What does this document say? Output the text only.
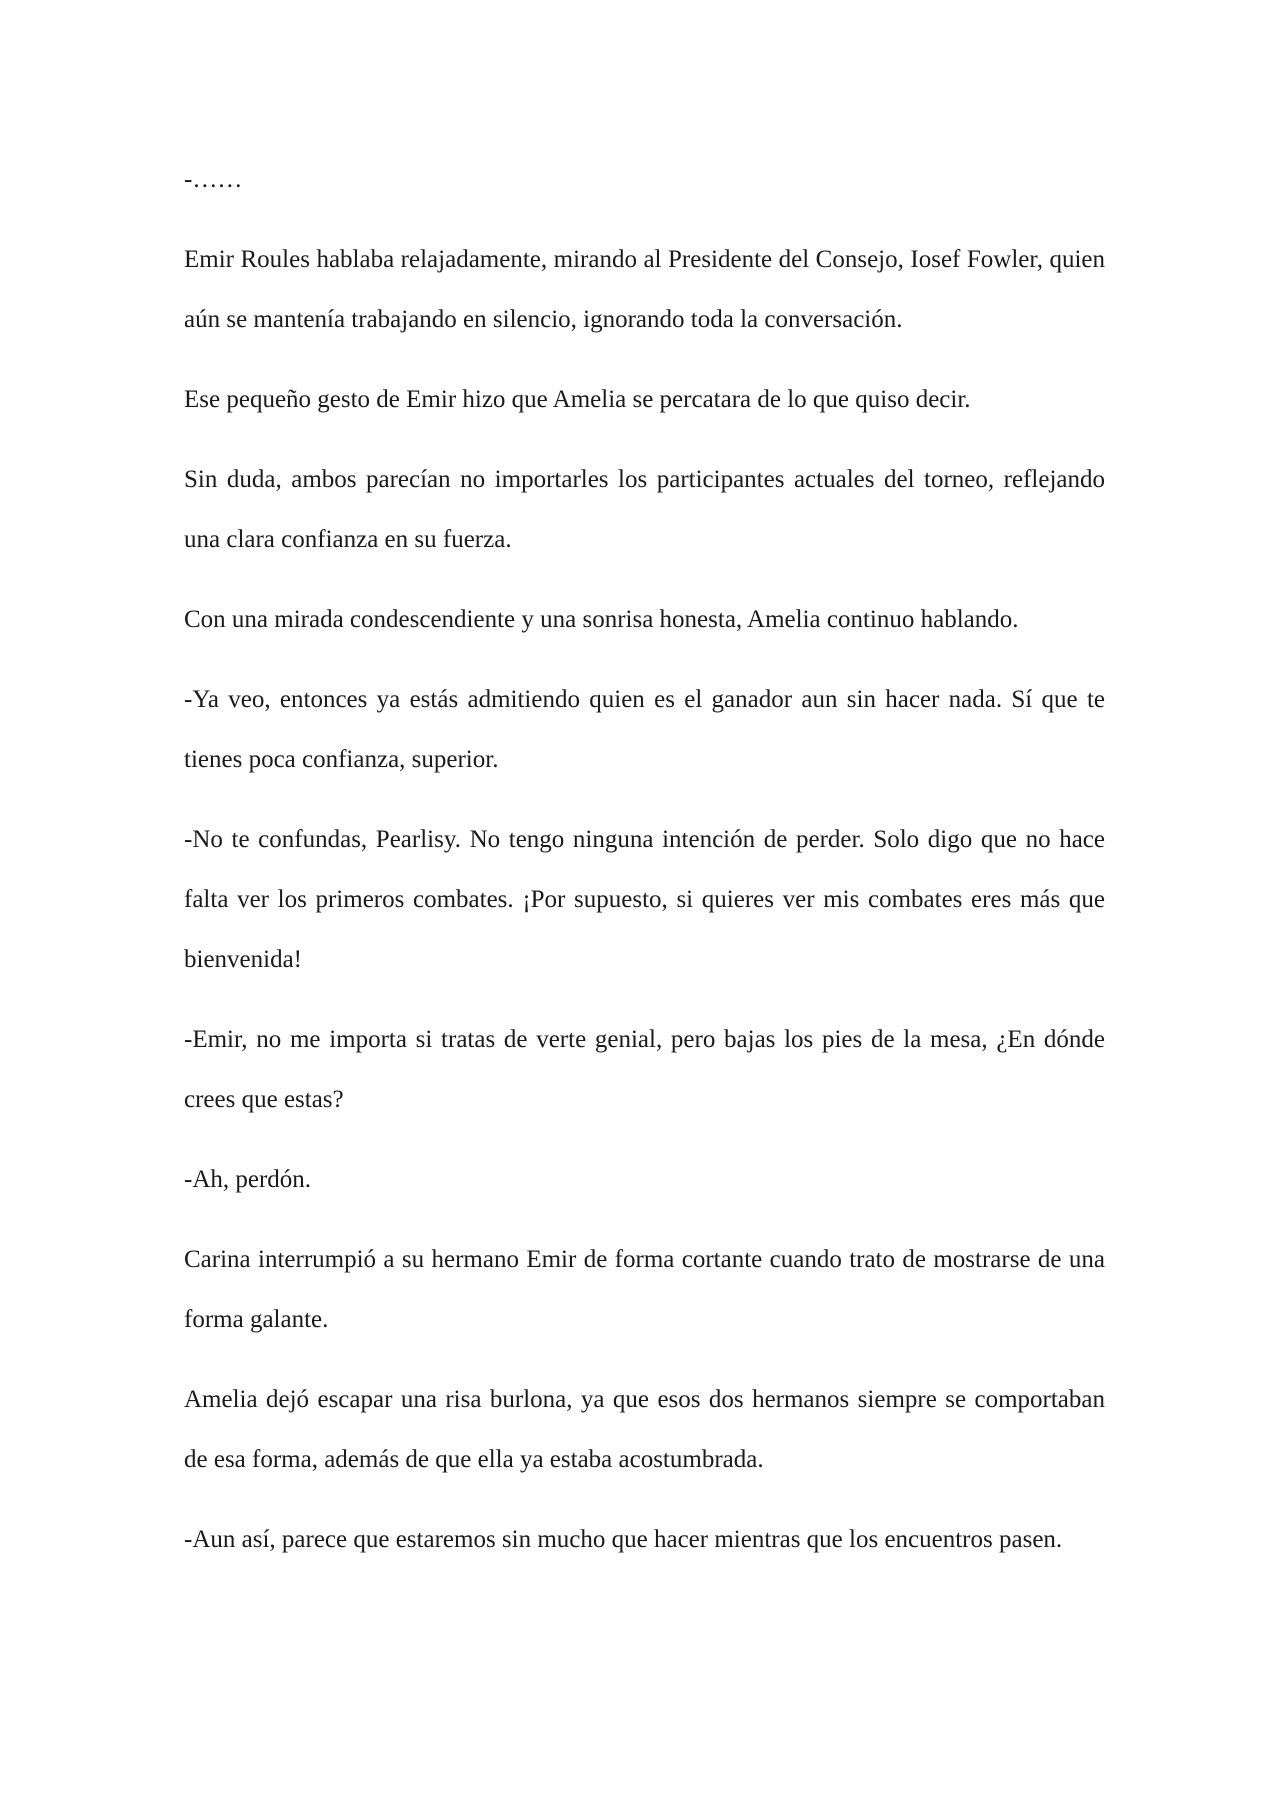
-……

Emir Roules hablaba relajadamente, mirando al Presidente del Consejo, Iosef Fowler, quien aún se mantenía trabajando en silencio, ignorando toda la conversación.

Ese pequeño gesto de Emir hizo que Amelia se percatara de lo que quiso decir.

Sin duda, ambos parecían no importarles los participantes actuales del torneo, reflejando una clara confianza en su fuerza.

Con una mirada condescendiente y una sonrisa honesta, Amelia continuo hablando.

-Ya veo, entonces ya estás admitiendo quien es el ganador aun sin hacer nada. Sí que te tienes poca confianza, superior.

-No te confundas, Pearlisy. No tengo ninguna intención de perder. Solo digo que no hace falta ver los primeros combates. ¡Por supuesto, si quieres ver mis combates eres más que bienvenida!

-Emir, no me importa si tratas de verte genial, pero bajas los pies de la mesa, ¿En dónde crees que estas?

-Ah, perdón.

Carina interrumpió a su hermano Emir de forma cortante cuando trato de mostrarse de una forma galante.

Amelia dejó escapar una risa burlona, ya que esos dos hermanos siempre se comportaban de esa forma, además de que ella ya estaba acostumbrada.

-Aun así, parece que estaremos sin mucho que hacer mientras que los encuentros pasen.
